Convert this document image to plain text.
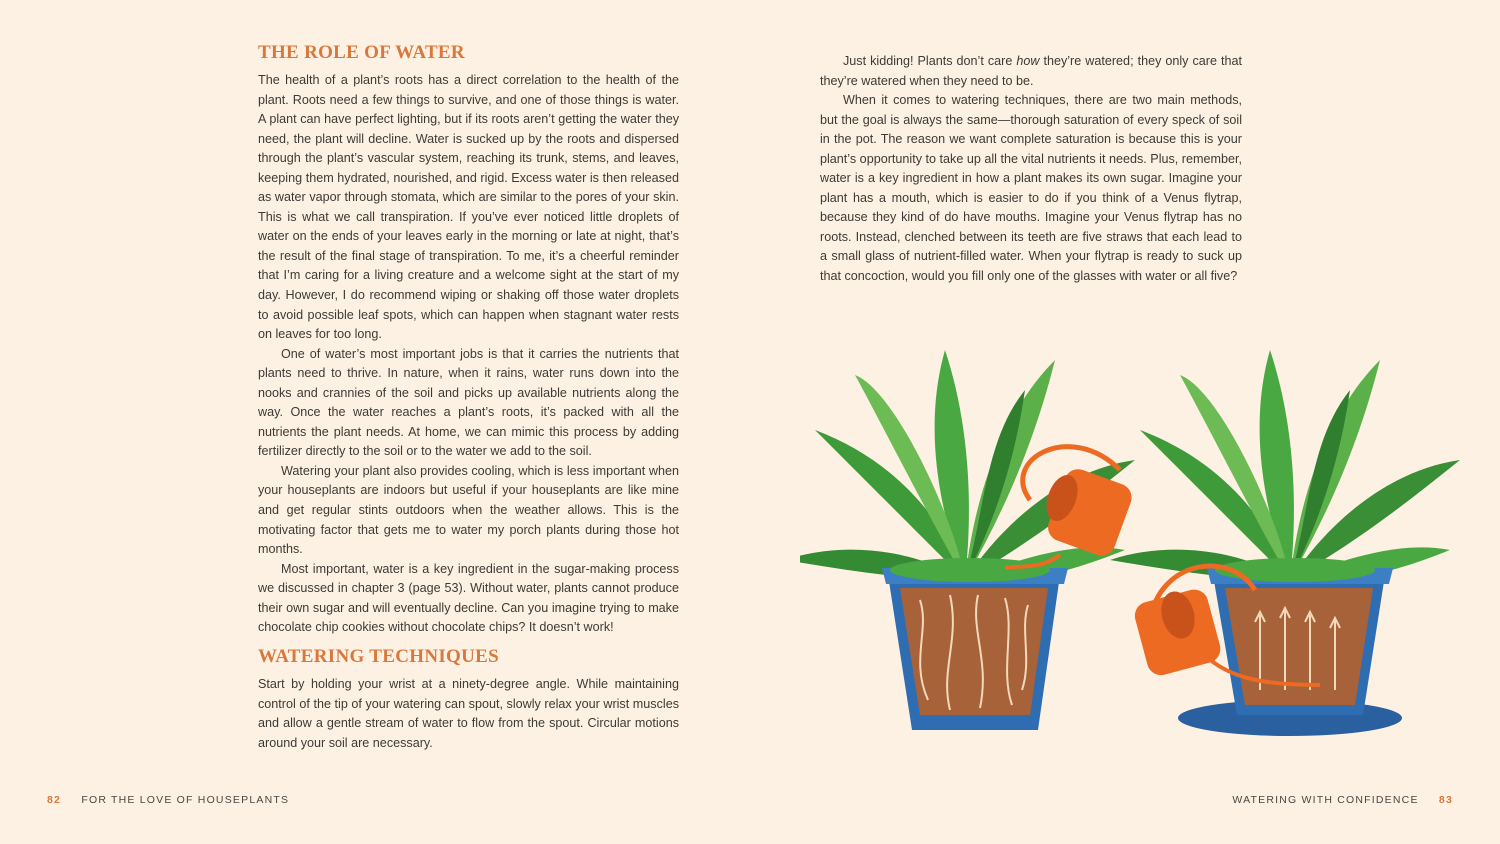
THE ROLE OF WATER

The health of a plant’s roots has a direct correlation to the health of the plant. Roots need a few things to survive, and one of those things is water. A plant can have perfect lighting, but if its roots aren’t getting the water they need, the plant will decline. Water is sucked up by the roots and dispersed through the plant’s vascular system, reaching its trunk, stems, and leaves, keeping them hydrated, nourished, and rigid. Excess water is then released as water vapor through stomata, which are similar to the pores of your skin. This is what we call transpiration. If you’ve ever noticed little droplets of water on the ends of your leaves early in the morning or late at night, that’s the result of the final stage of transpiration. To me, it’s a cheerful reminder that I’m caring for a living creature and a welcome sight at the start of my day. However, I do recommend wiping or shaking off those water droplets to avoid possible leaf spots, which can happen when stagnant water rests on leaves for too long.

One of water’s most important jobs is that it carries the nutrients that plants need to thrive. In nature, when it rains, water runs down into the nooks and crannies of the soil and picks up available nutrients along the way. Once the water reaches a plant’s roots, it’s packed with all the nutrients the plant needs. At home, we can mimic this process by adding fertilizer directly to the soil or to the water we add to the soil.

Watering your plant also provides cooling, which is less important when your houseplants are indoors but useful if your houseplants are like mine and get regular stints outdoors when the weather allows. This is the motivating factor that gets me to water my porch plants during those hot months.

Most important, water is a key ingredient in the sugar-making process we discussed in chapter 3 (page 53). Without water, plants cannot produce their own sugar and will eventually decline. Can you imagine trying to make chocolate chip cookies without chocolate chips? It doesn’t work!

WATERING TECHNIQUES

Start by holding your wrist at a ninety-degree angle. While maintaining control of the tip of your watering can spout, slowly relax your wrist muscles and allow a gentle stream of water to flow from the spout. Circular motions around your soil are necessary.

82 FOR THE LOVE OF HOUSEPLANTS

Just kidding! Plants don’t care how they’re watered; they only care that they’re watered when they need to be.

When it comes to watering techniques, there are two main methods, but the goal is always the same—thorough saturation of every speck of soil in the pot. The reason we want complete saturation is because this is your plant’s opportunity to take up all the vital nutrients it needs. Plus, remember, water is a key ingredient in how a plant makes its own sugar. Imagine your plant has a mouth, which is easier to do if you think of a Venus flytrap, because they kind of do have mouths. Imagine your Venus flytrap has no roots. Instead, clenched between its teeth are five straws that each lead to a small glass of nutrient-filled water. When your flytrap is ready to suck up that concoction, would you fill only one of the glasses with water or all five?

WATERING WITH CONFIDENCE 83
